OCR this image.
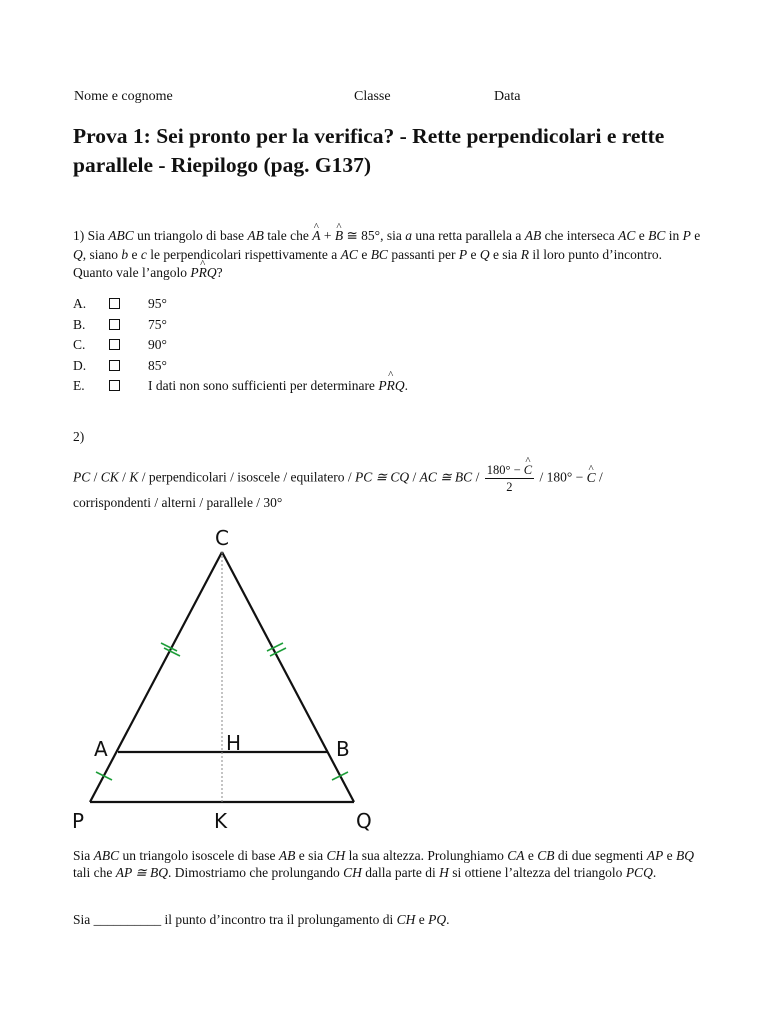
Nome e cognome	Classe	Data
Prova 1: Sei pronto per la verifica? - Rette perpendicolari e rette parallele - Riepilogo (pag. G137)
1) Sia ABC un triangolo di base AB tale che ^ A + ^ B ≅ 85°, sia a una retta parallela a AB che interseca AC e BC in P e Q, siano b e c le perpendicolari rispettivamente a AC e BC passanti per P e Q e sia R il loro punto d’incontro. Quanto vale l’angolo P^ RQ?
A.	95°
B.	75°
C.	90°
D.	85°
E.	I dati non sono sufficienti per determinare P^ RQ.
2)
PC / CK / K / perpendicolari / isoscele / equilatero / PC ≅ CQ / AC ≅ BC / $\frac{180^\circ - \^{} C}{2} / 180^\circ$ − ^ C /
corrispondenti / alterni / parallele / 30°
C
A	H	B
P	K	Q
Sia ABC un triangolo isoscele di base AB e sia CH la sua altezza. Prolunghiamo CA e CB di due segmenti AP e BQ tali che AP ≅ BQ. Dimostriamo che prolungando CH dalla parte di H si ottiene l’altezza del triangolo PCQ.
Sia __________ il punto d’incontro tra il prolungamento di CH e PQ.
